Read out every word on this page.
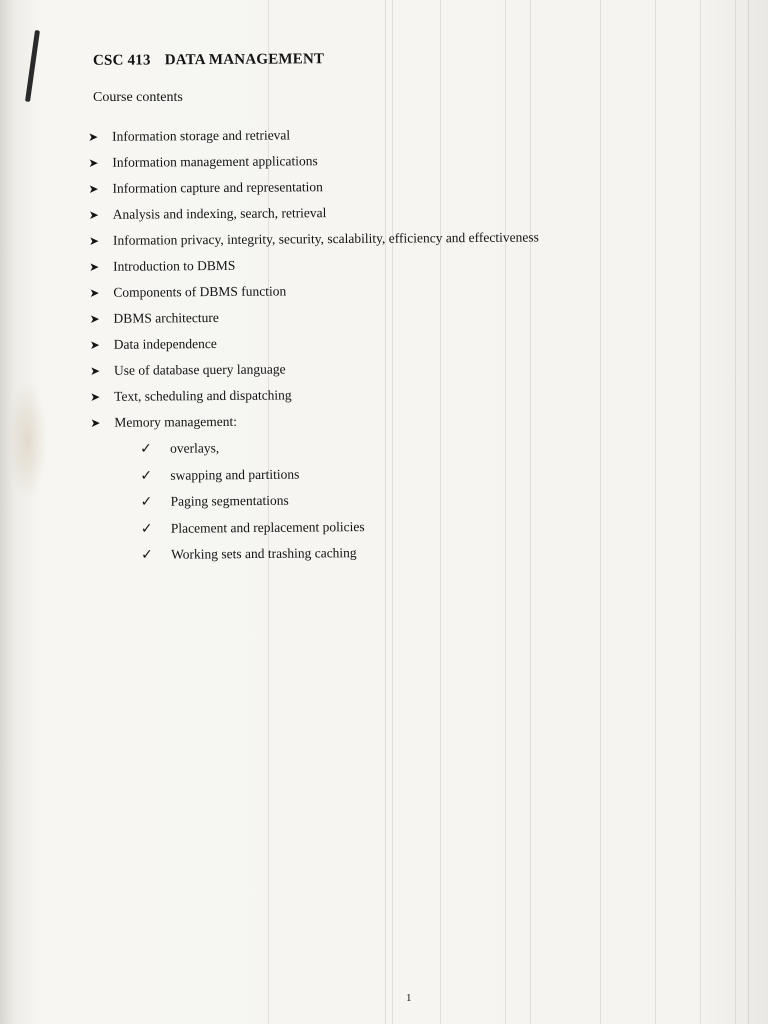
CSC 413 DATA MANAGEMENT
Course contents
➤	Information storage and retrieval
➤	Information management applications
➤	Information capture and representation
➤	Analysis and indexing, search, retrieval
➤	Information privacy, integrity, security, scalability, efficiency and effectiveness
➤	Introduction to DBMS
➤	Components of DBMS function
➤	DBMS architecture
➤	Data independence
➤	Use of database query language
➤	Text, scheduling and dispatching
➤	Memory management:
✓	overlays,
✓	swapping and partitions
✓	Paging segmentations
✓	Placement and replacement policies
✓	Working sets and trashing caching
1
